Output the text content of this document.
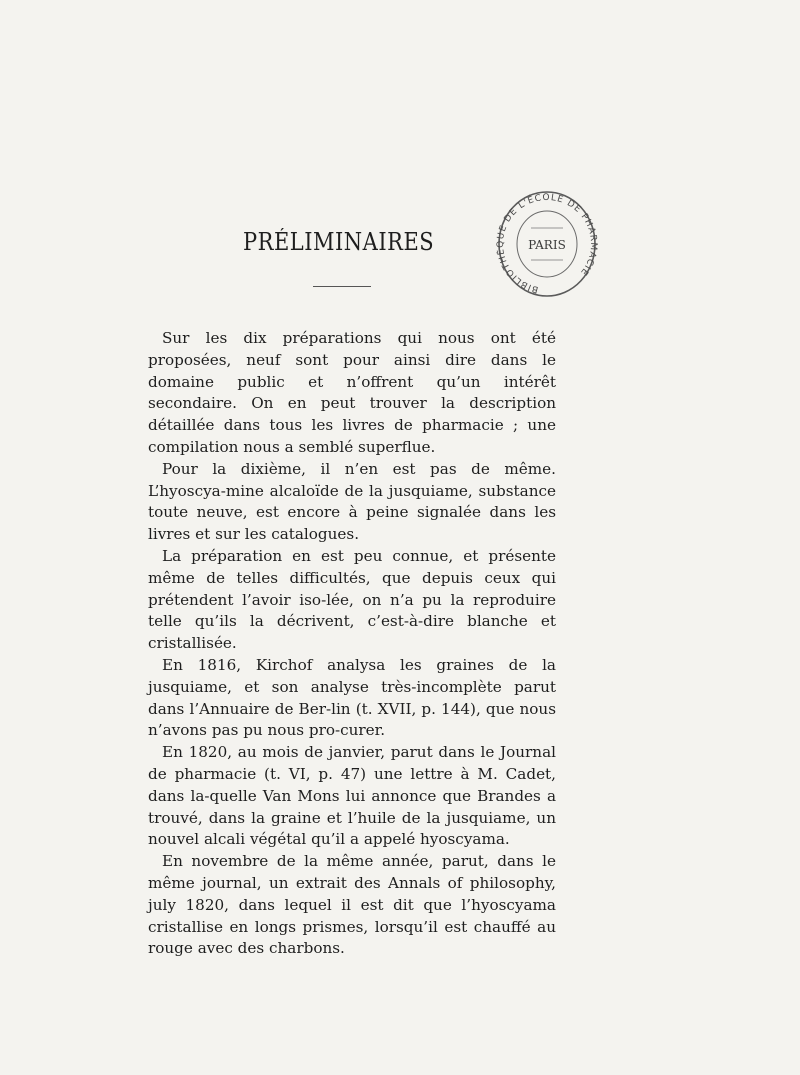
PRÉLIMINAIRES
BIBLIOTHÈQUE DE L'ÉCOLE DE PHARMACIE
PARIS

Sur les dix préparations qui nous ont été proposées, neuf sont pour ainsi dire dans le domaine public et n’offrent qu’un intérêt secondaire. On en peut trouver la description détaillée dans tous les livres de pharmacie ; une compilation nous a semblé superflue.

Pour la dixième, il n’en est pas de même. L’hyoscya-mine alcaloïde de la jusquiame, substance toute neuve, est encore à peine signalée dans les livres et sur les catalogues.

La préparation en est peu connue, et présente même de telles difficultés, que depuis ceux qui prétendent l’avoir iso-lée, on n’a pu la reproduire telle qu’ils la décrivent, c’est-à-dire blanche et cristallisée.

En 1816, Kirchof analysa les graines de la jusquiame, et son analyse très-incomplète parut dans l’Annuaire de Ber-lin (t. XVII, p. 144), que nous n’avons pas pu nous pro-curer.

En 1820, au mois de janvier, parut dans le Journal de pharmacie (t. VI, p. 47) une lettre à M. Cadet, dans la-quelle Van Mons lui annonce que Brandes a trouvé, dans la graine et l’huile de la jusquiame, un nouvel alcali végétal qu’il a appelé hyoscyama.

En novembre de la même année, parut, dans le même journal, un extrait des Annals of philosophy, july 1820, dans lequel il est dit que l’hyoscyama cristallise en longs prismes, lorsqu’il est chauffé au rouge avec des charbons.
